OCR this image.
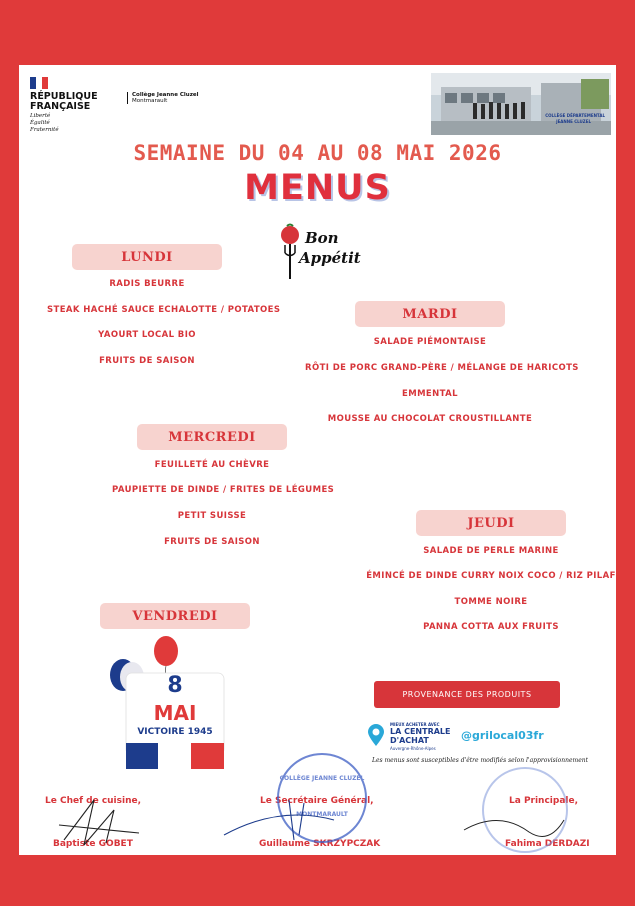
RÉPUBLIQUE
FRANÇAISE
Liberté
Égalité
Fraternité
Collège Jeanne Cluzel
Montmarault
COLLÈGE DÉPARTEMENTAL
JEANNE CLUZEL
SEMAINE DU 04 AU 08 MAI 2026
MENUS
Bon
Appétit
LUNDI
RADIS BEURRE
STEAK HACHÉ SAUCE ECHALOTTE / POTATOES
YAOURT LOCAL BIO
FRUITS DE SAISON
MARDI
SALADE PIÉMONTAISE
RÔTI DE PORC GRAND-PÈRE / MÉLANGE DE HARICOTS
EMMENTAL
MOUSSE AU CHOCOLAT CROUSTILLANTE
MERCREDI
FEUILLETÉ AU CHÈVRE
PAUPIETTE DE DINDE / FRITES DE LÉGUMES
PETIT SUISSE
FRUITS DE SAISON
JEUDI
SALADE DE PERLE MARINE
ÉMINCÉ DE DINDE CURRY NOIX COCO / RIZ PILAF
TOMME NOIRE
PANNA COTTA AUX FRUITS
VENDREDI
8
MAI
VICTOIRE 1945
PROVENANCE DES PRODUITS
MIEUX ACHETER AVEC
LA CENTRALE
D'ACHAT
Auvergne-Rhône-Alpes
@grilocal03fr
Les menus sont susceptibles d'être modifiés selon l'approvisionnement
Le Chef de cuisine,
Baptiste GOBET
Le Secrétaire Général,
Guillaume SKRZYPCZAK
COLLÈGE JEANNE CLUZEL
MONTMARAULT
La Principale,
Fahima DERDAZI
